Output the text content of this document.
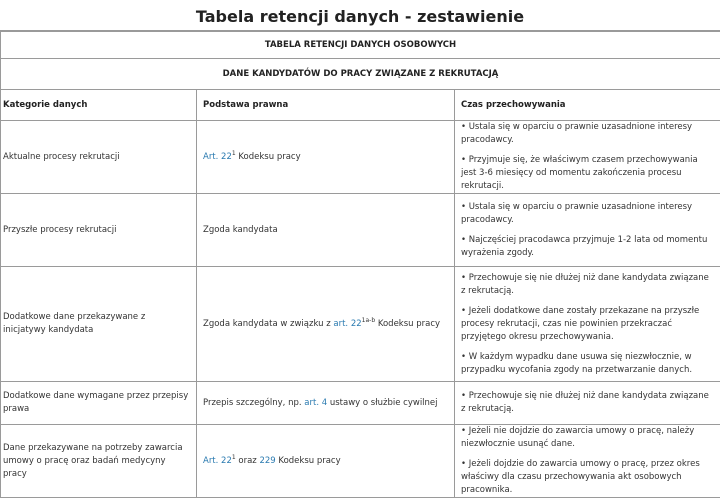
Tabela retencji danych - zestawienie
TABELA RETENCJI DANYCH OSOBOWYCH		
DANE KANDYDATÓW DO PRACY ZWIĄZANE Z REKRUTACJĄ		
Kategorie danych	Podstawa prawna	Czas przechowywania
Aktualne procesy rekrutacji	Art. $22^1$ Kodeksu pracy	• Ustala się w oparciu o prawnie uzasadnione interesy pracodawcy.
• Przyjmuje się, że właściwym czasem przechowywania jest 3-6 miesięcy od momentu zakończenia procesu rekrutacji.

Przyszłe procesy rekrutacji	Zgoda kandydata	• Ustala się w oparciu o prawnie uzasadnione interesy pracodawcy.
• Najczęściej pracodawca przyjmuje 1-2 lata od momentu wyrażenia zgody.

Dodatkowe dane przekazywane z inicjatywy kandydata	Zgoda kandydata w związku z art. $22^{1a-b}$ Kodeksu pracy	• Przechowuje się nie dłużej niż dane kandydata związane z rekrutacją.
• Jeżeli dodatkowe dane zostały przekazane na przyszłe procesy rekrutacji, czas nie powinien przekraczać przyjętego okresu przechowywania.
• W każdym wypadku dane usuwa się niezwłocznie, w przypadku wycofania zgody na przetwarzanie danych.

Dodatkowe dane wymagane przez przepisy prawa	Przepis szczególny, np. art. 4 ustawy o służbie cywilnej	• Przechowuje się nie dłużej niż dane kandydata związane z rekrutacją.

Dane przekazywane na potrzeby zawarcia umowy o pracę oraz badań medycyny pracy	Art. $22^1$ oraz 229 Kodeksu pracy	• Jeżeli nie dojdzie do zawarcia umowy o pracę, należy niezwłocznie usunąć dane.
• Jeżeli dojdzie do zawarcia umowy o pracę, przez okres właściwy dla czasu przechowywania akt osobowych pracownika.
